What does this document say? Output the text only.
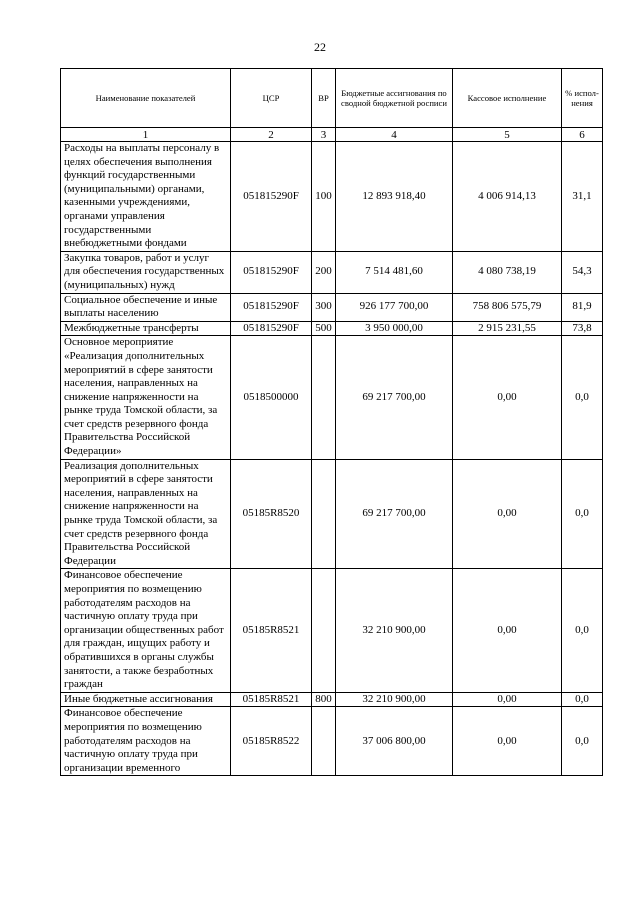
22
Наименование показателей	ЦСР	ВР	Бюджетные ассигнования по сводной бюджетной росписи	Кассовое исполнение	% испол-нения
1	2	3	4	5	6
Расходы на выплаты персоналу в целях обеспечения выполнения функций государственными (муниципальными) органами, казенными учреждениями, органами управления государственными внебюджетными фондами	051815290F	100	12 893 918,40	4 006 914,13	31,1
Закупка товаров, работ и услуг для обеспечения государственных (муниципальных) нужд	051815290F	200	7 514 481,60	4 080 738,19	54,3
Социальное обеспечение и иные выплаты населению	051815290F	300	926 177 700,00	758 806 575,79	81,9
Межбюджетные трансферты	051815290F	500	3 950 000,00	2 915 231,55	73,8
Основное мероприятие «Реализация дополнительных мероприятий в сфере занятости населения, направленных на снижение напряженности на рынке труда Томской области, за счет средств резервного фонда Правительства Российской Федерации»	0518500000		69 217 700,00	0,00	0,0
Реализация дополнительных мероприятий в сфере занятости населения, направленных на снижение напряженности на рынке труда Томской области, за счет средств резервного фонда Правительства Российской Федерации	05185R8520		69 217 700,00	0,00	0,0
Финансовое обеспечение мероприятия по возмещению работодателям расходов на частичную оплату труда при организации общественных работ для граждан, ищущих работу и обратившихся в органы службы занятости, а также безработных граждан	05185R8521		32 210 900,00	0,00	0,0
Иные бюджетные ассигнования	05185R8521	800	32 210 900,00	0,00	0,0
Финансовое обеспечение мероприятия по возмещению работодателям расходов на частичную оплату труда при организации временного	05185R8522		37 006 800,00	0,00	0,0
